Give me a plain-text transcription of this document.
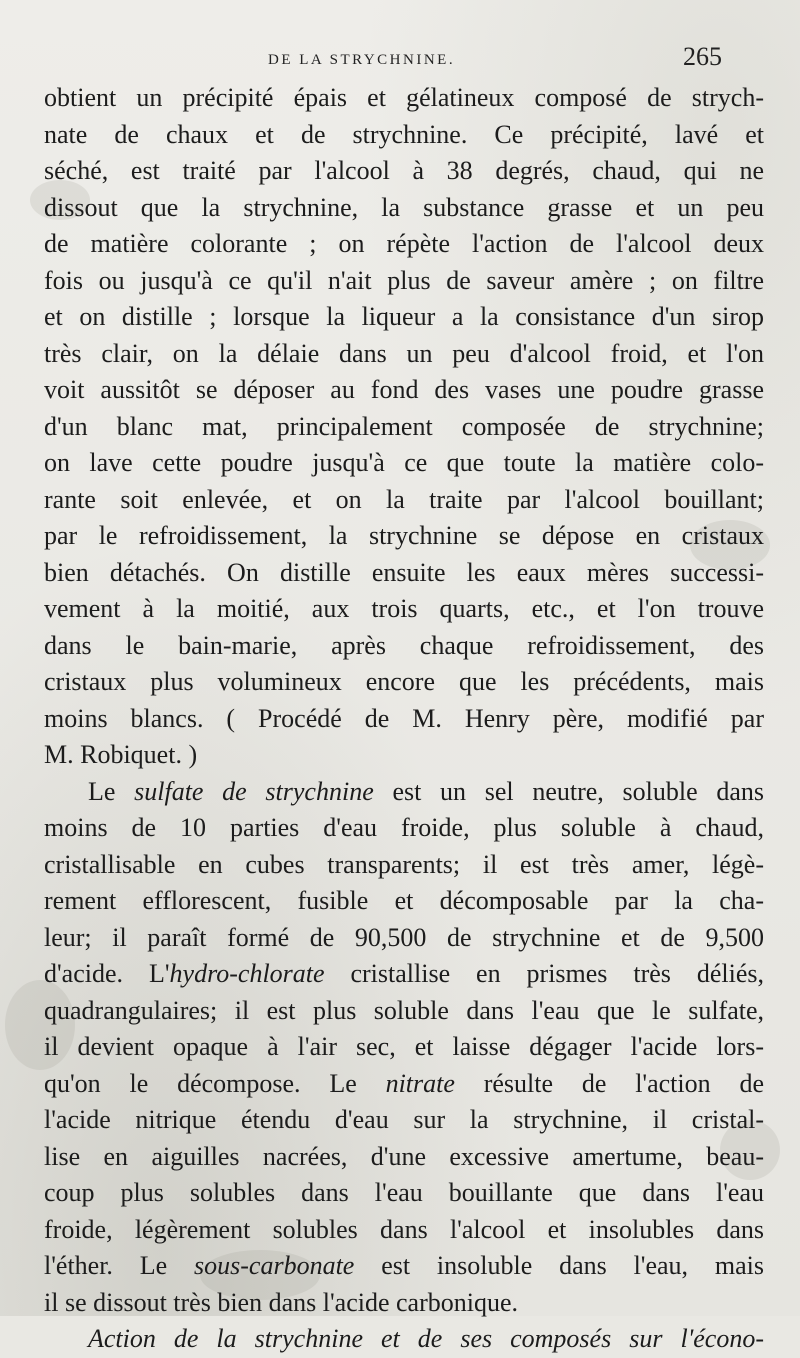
DE LA STRYCHNINE.	265
obtient un précipité épais et gélatineux composé de strych-
nate de chaux et de strychnine. Ce précipité, lavé et
séché, est traité par l'alcool à 38 degrés, chaud, qui ne
dissout que la strychnine, la substance grasse et un peu
de matière colorante ; on répète l'action de l'alcool deux
fois ou jusqu'à ce qu'il n'ait plus de saveur amère ; on filtre
et on distille ; lorsque la liqueur a la consistance d'un sirop
très clair, on la délaie dans un peu d'alcool froid, et l'on
voit aussitôt se déposer au fond des vases une poudre grasse
d'un blanc mat, principalement composée de strychnine;
on lave cette poudre jusqu'à ce que toute la matière colo-
rante soit enlevée, et on la traite par l'alcool bouillant;
par le refroidissement, la strychnine se dépose en cristaux
bien détachés. On distille ensuite les eaux mères successi-
vement à la moitié, aux trois quarts, etc., et l'on trouve
dans le bain-marie, après chaque refroidissement, des
cristaux plus volumineux encore que les précédents, mais
moins blancs. ( Procédé de M. Henry père, modifié par
M. Robiquet. )
Le sulfate de strychnine est un sel neutre, soluble dans
moins de 10 parties d'eau froide, plus soluble à chaud,
cristallisable en cubes transparents; il est très amer, légè-
rement efflorescent, fusible et décomposable par la cha-
leur; il paraît formé de 90,500 de strychnine et de 9,500
d'acide. L'hydro-chlorate cristallise en prismes très déliés,
quadrangulaires; il est plus soluble dans l'eau que le sulfate,
il devient opaque à l'air sec, et laisse dégager l'acide lors-
qu'on le décompose. Le nitrate résulte de l'action de
l'acide nitrique étendu d'eau sur la strychnine, il cristal-
lise en aiguilles nacrées, d'une excessive amertume, beau-
coup plus solubles dans l'eau bouillante que dans l'eau
froide, légèrement solubles dans l'alcool et insolubles dans
l'éther. Le sous-carbonate est insoluble dans l'eau, mais
il se dissout très bien dans l'acide carbonique.
Action de la strychnine et de ses composés sur l'écono-
